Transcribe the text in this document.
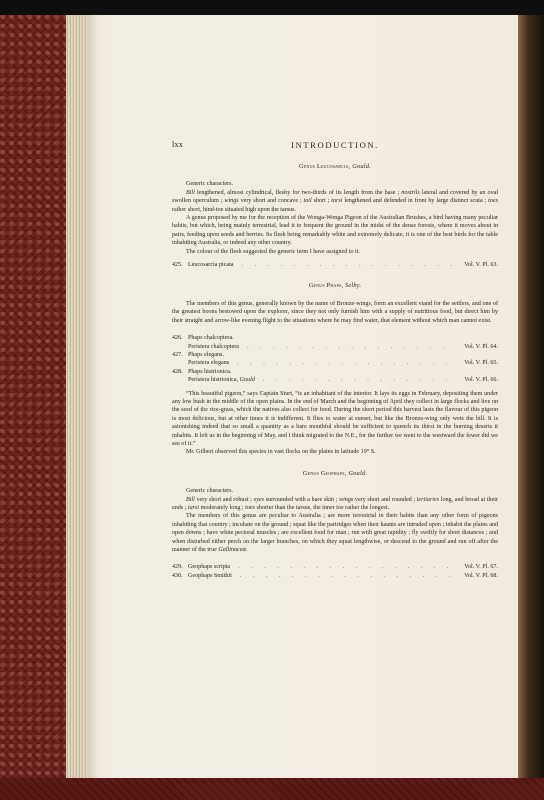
lxx	INTRODUCTION.
Genus Leucosarcia, Gould.

Generic characters.

Bill lengthened, almost cylindrical, fleshy for two-thirds of its length from the base ; nostrils lateral and covered by an oval swollen operculum ; wings very short and concave ; tail short ; tarsi lengthened and defended in front by large distinct scuta ; toes rather short, hind-toe situated high upon the tarsus.

A genus proposed by me for the reception of the Wonga-Wonga Pigeon of the Australian Brushes, a bird having many peculiar habits, but which, being mainly terrestrial, lead it to frequent the ground in the midst of the dense forests, where it moves about in pairs, feeding upon seeds and berries. Its flesh being remarkably white and extremely delicate, it is one of the best birds for the table inhabiting Australia, or indeed any other country.

The colour of the flesh suggested the generic term I have assigned to it.

425. Leucosarcia picata . . .	Vol. V. Pl. 63.
Genus Phaps, Selby.

The members of this genus, generally known by the name of Bronze-wings, form an excellent viand for the settlers, and one of the greatest boons bestowed upon the explorer, since they not only furnish him with a supply of nutritious food, but direct him by their straight and arrow-like evening flight to the situations where he may find water, that element without which man cannot exist.

426. Phaps chalcoptera.
Peristera chalcoptera . . .	Vol. V. Pl. 64.
427. Phaps elegans.
Peristera elegans . . .	Vol. V. Pl. 65.
428. Phaps histrionica.
Peristera histrionica, Gould . . .	Vol. V. Pl. 66.

“This beautiful pigeon,” says Captain Sturt, “is an inhabitant of the interior. It lays its eggs in February, depositing them under any low bush in the middle of the open plains. In the end of March and the beginning of April they collect in large flocks and live on the seed of the rice-grass, which the natives also collect for food. During the short period this harvest lasts the flavour of this pigeon is most delicious, but at other times it is indifferent. It flies to water at sunset, but like the Bronze-wing only wets the bill. It is astonishing indeed that so small a quantity as a bare mouthful should be sufficient to quench its thirst in the burning deserts it inhabits. It left us in the beginning of May, and I think migrated to the N.E., for the further we went to the westward the fewer did we see of it.”

Mr. Gilbert observed this species in vast flocks on the plains in latitude 19° S.

Genus Geophaps, Gould.

Generic characters.

Bill very short and robust ; eyes surrounded with a bare skin ; wings very short and rounded ; tertiaries long, and broad at their ends ; tarsi moderately long ; toes shorter than the tarsus, the inner toe rather the longest.

The members of this genus are peculiar to Australia ; are more terrestrial in their habits than any other form of pigeons inhabiting that country ; incubate on the ground ; squat like the partridges when their haunts are intruded upon ; inhabit the plains and open downs ; have white pectoral muscles ; are excellent food for man ; run with great rapidity ; fly swiftly for short distances ; and when disturbed either perch on the larger branches, on which they squat lengthwise, or descend to the ground and run off after the manner of the true Gallinaceæ.

429. Geophaps scripta . . .	Vol. V. Pl. 67.
430. Geophaps Smithii . . .	Vol. V. Pl. 68.
